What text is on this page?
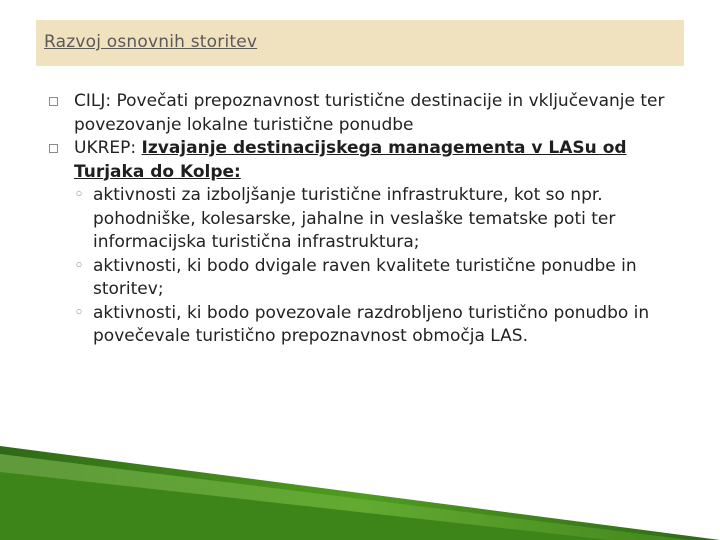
Razvoj osnovnih storitev
CILJ: Povečati prepoznavnost turistične destinacije in vključevanje ter povezovanje lokalne turistične ponudbe
UKREP: Izvajanje destinacijskega managementa v LASu od Turjaka do Kolpe:
◦ aktivnosti za izboljšanje turistične infrastrukture, kot so npr. pohodniške, kolesarske, jahalne in veslaške tematske poti ter informacijska turistična infrastruktura;
◦ aktivnosti, ki bodo dvigale raven kvalitete turistične ponudbe in storitev;
◦ aktivnosti, ki bodo povezovale razdrobljeno turistično ponudbo in povečevale turistično prepoznavnost območja LAS.
